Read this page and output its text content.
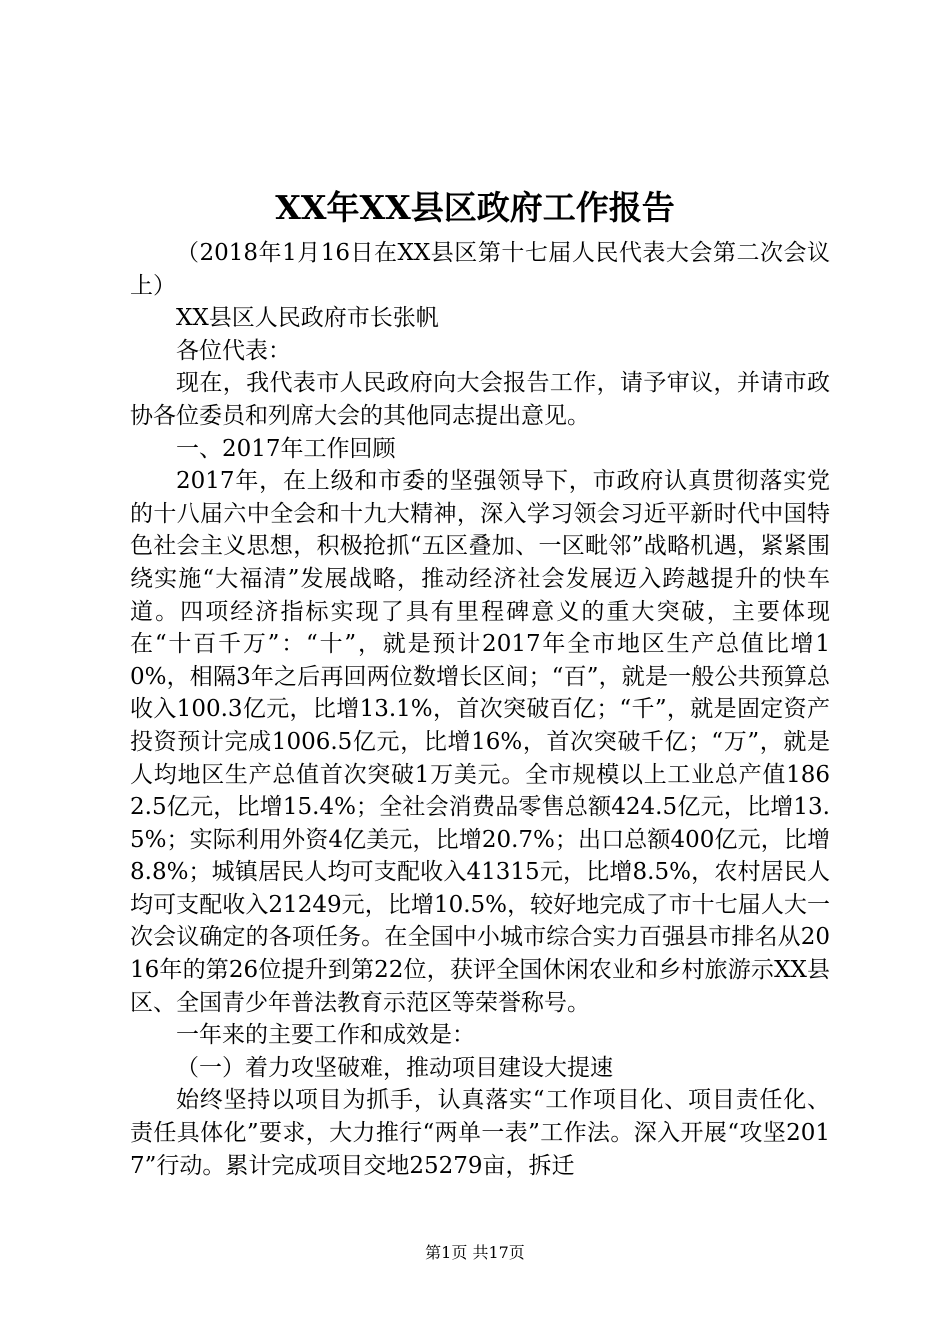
XX年XX县区政府工作报告

（2018年1月16日在XX县区第十七届人民代表大会第二次会议上）

XX县区人民政府市长张帆

各位代表：

现在，我代表市人民政府向大会报告工作，请予审议，并请市政协各位委员和列席大会的其他同志提出意见。

一、2017年工作回顾

2017年，在上级和市委的坚强领导下，市政府认真贯彻落实党的十八届六中全会和十九大精神，深入学习领会习近平新时代中国特色社会主义思想，积极抢抓“五区叠加、一区毗邻”战略机遇，紧紧围绕实施“大福清”发展战略，推动经济社会发展迈入跨越提升的快车道。四项经济指标实现了具有里程碑意义的重大突破，主要体现在“十百千万”：“十”，就是预计2017年全市地区生产总值比增10%，相隔3年之后再回两位数增长区间；“百”，就是一般公共预算总收入100.3亿元，比增13.1%，首次突破百亿；“千”，就是固定资产投资预计完成1006.5亿元，比增16%，首次突破千亿；“万”，就是人均地区生产总值首次突破1万美元。全市规模以上工业总产值1862.5亿元，比增15.4%；全社会消费品零售总额424.5亿元，比增13.5%；实际利用外资4亿美元，比增20.7%；出口总额400亿元，比增8.8%；城镇居民人均可支配收入41315元，比增8.5%，农村居民人均可支配收入21249元，比增10.5%，较好地完成了市十七届人大一次会议确定的各项任务。在全国中小城市综合实力百强县市排名从2016年的第26位提升到第22位，获评全国休闲农业和乡村旅游示XX县区、全国青少年普法教育示范区等荣誉称号。

一年来的主要工作和成效是：

（一）着力攻坚破难，推动项目建设大提速

始终坚持以项目为抓手，认真落实“工作项目化、项目责任化、责任具体化”要求，大力推行“两单一表”工作法。深入开展“攻坚2017”行动。累计完成项目交地25279亩，拆迁

第1页 共17页
